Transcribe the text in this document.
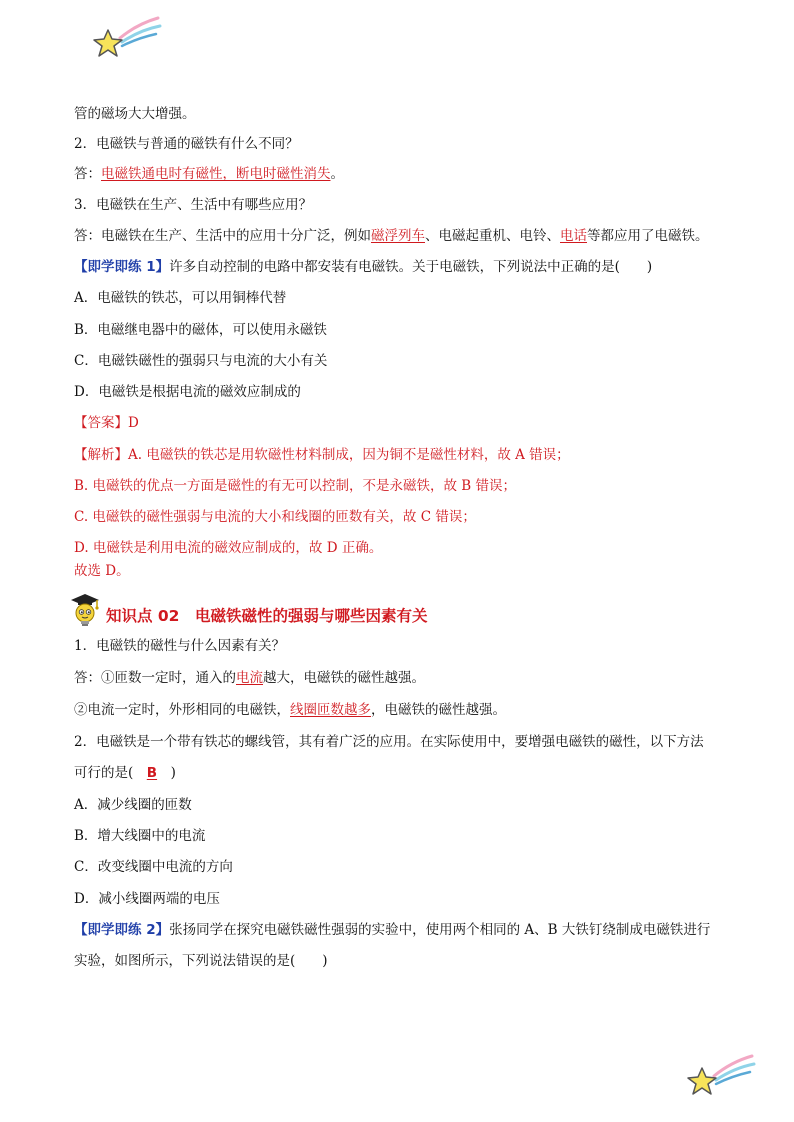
管的磁场大大增强。
2．电磁铁与普通的磁铁有什么不同？
答：电磁铁通电时有磁性，断电时磁性消失。
3．电磁铁在生产、生活中有哪些应用？
答：电磁铁在生产、生活中的应用十分广泛，例如磁浮列车、电磁起重机、电铃、电话等都应用了电磁铁。
【即学即练 1】许多自动控制的电路中都安装有电磁铁。关于电磁铁，下列说法中正确的是(　　)
A．电磁铁的铁芯，可以用铜棒代替
B．电磁继电器中的磁体，可以使用永磁铁
C．电磁铁磁性的强弱只与电流的大小有关
D．电磁铁是根据电流的磁效应制成的
【答案】D
【解析】A. 电磁铁的铁芯是用软磁性材料制成，因为铜不是磁性材料，故 A 错误；
B. 电磁铁的优点一方面是磁性的有无可以控制，不是永磁铁，故 B 错误；
C. 电磁铁的磁性强弱与电流的大小和线圈的匝数有关，故 C 错误；
D. 电磁铁是利用电流的磁效应制成的，故 D 正确。
故选 D。
知识点 02　电磁铁磁性的强弱与哪些因素有关
1．电磁铁的磁性与什么因素有关？
答：①匝数一定时，通入的电流越大，电磁铁的磁性越强。
②电流一定时，外形相同的电磁铁，线圈匝数越多，电磁铁的磁性越强。
2．电磁铁是一个带有铁芯的螺线管，其有着广泛的应用。在实际使用中，要增强电磁铁的磁性，以下方法
可行的是(　 B　 )
A．减少线圈的匝数
B．增大线圈中的电流
C．改变线圈中电流的方向
D．减小线圈两端的电压
【即学即练 2】张扬同学在探究电磁铁磁性强弱的实验中，使用两个相同的 A、B 大铁钉绕制成电磁铁进行
实验，如图所示，下列说法错误的是(　　)
